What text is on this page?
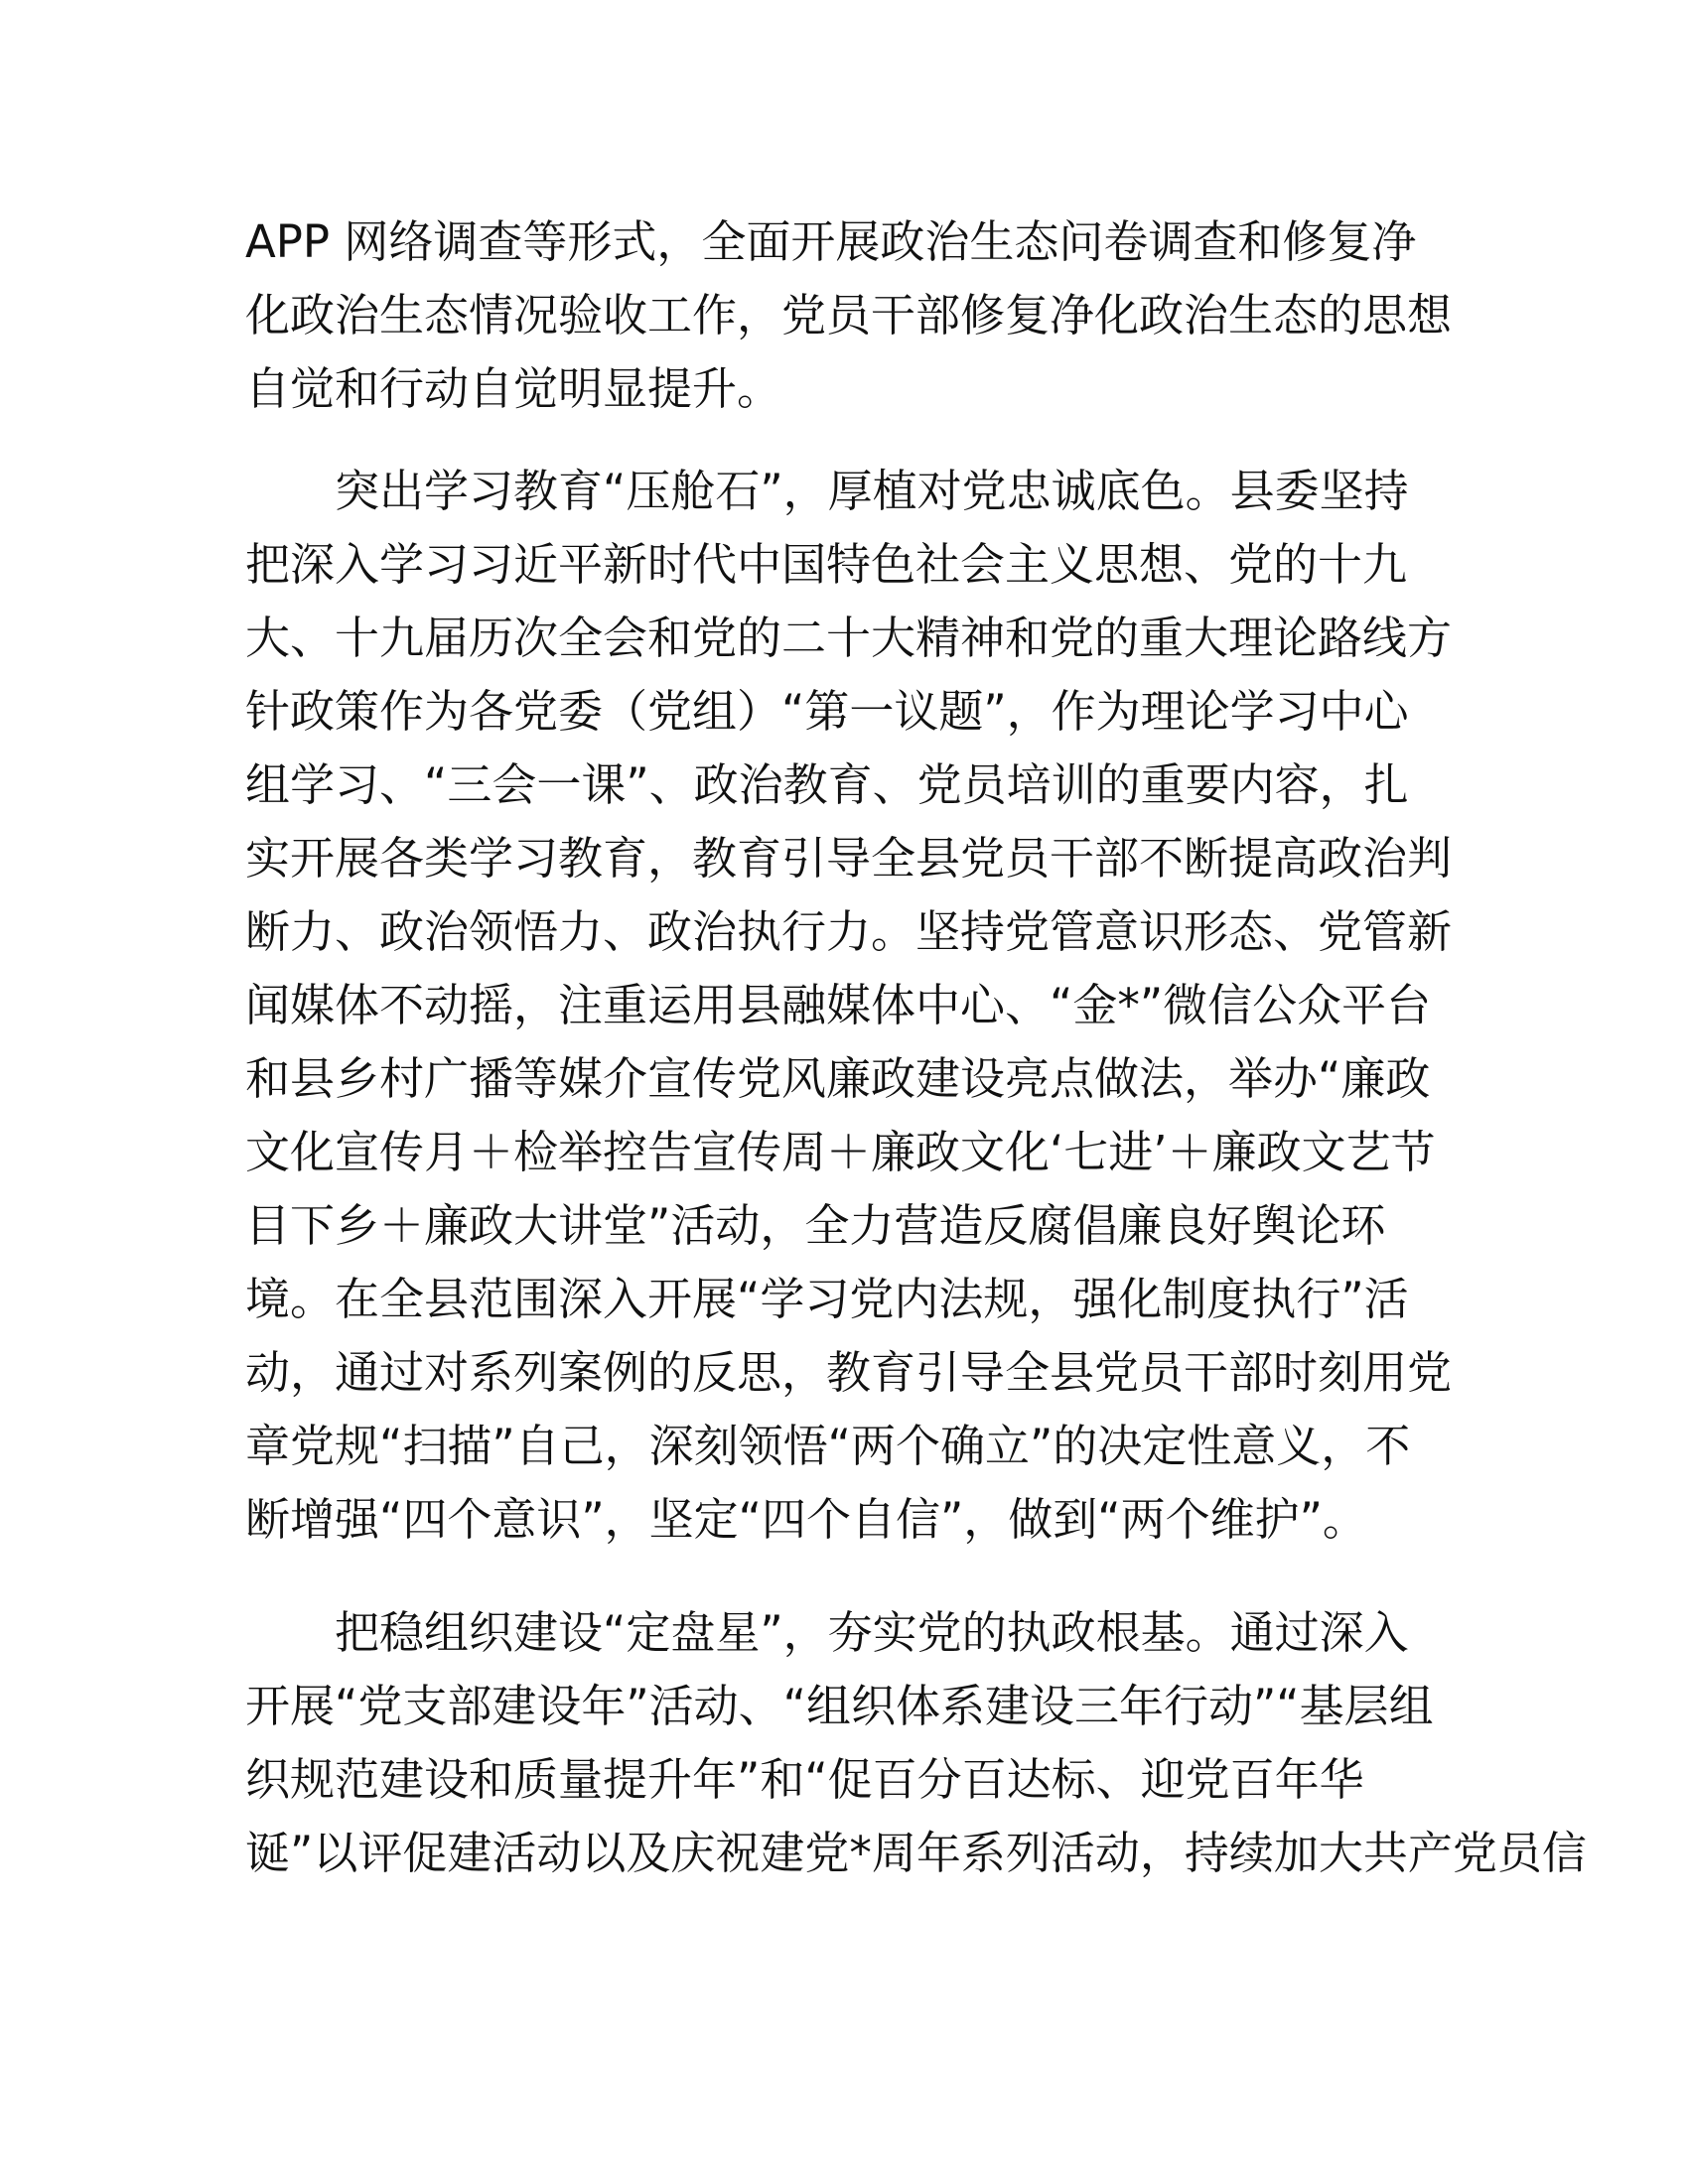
APP 网络调查等形式，全面开展政治生态问卷调查和修复净
化政治生态情况验收工作，党员干部修复净化政治生态的思想
自觉和行动自觉明显提升。
　　突出学习教育“压舱石”，厚植对党忠诚底色。县委坚持
把深入学习习近平新时代中国特色社会主义思想、党的十九
大、十九届历次全会和党的二十大精神和党的重大理论路线方
针政策作为各党委（党组）“第一议题”，作为理论学习中心
组学习、“三会一课”、政治教育、党员培训的重要内容，扎
实开展各类学习教育，教育引导全县党员干部不断提高政治判
断力、政治领悟力、政治执行力。坚持党管意识形态、党管新
闻媒体不动摇，注重运用县融媒体中心、“金*”微信公众平台
和县乡村广播等媒介宣传党风廉政建设亮点做法，举办“廉政
文化宣传月＋检举控告宣传周＋廉政文化‘七进’＋廉政文艺节
目下乡＋廉政大讲堂”活动，全力营造反腐倡廉良好舆论环
境。在全县范围深入开展“学习党内法规，强化制度执行”活
动，通过对系列案例的反思，教育引导全县党员干部时刻用党
章党规“扫描”自己，深刻领悟“两个确立”的决定性意义，不
断增强“四个意识”，坚定“四个自信”，做到“两个维护”。
　　把稳组织建设“定盘星”，夯实党的执政根基。通过深入
开展“党支部建设年”活动、“组织体系建设三年行动”“基层组
织规范建设和质量提升年”和“促百分百达标、迎党百年华
诞”以评促建活动以及庆祝建党*周年系列活动，持续加大共产党员信
